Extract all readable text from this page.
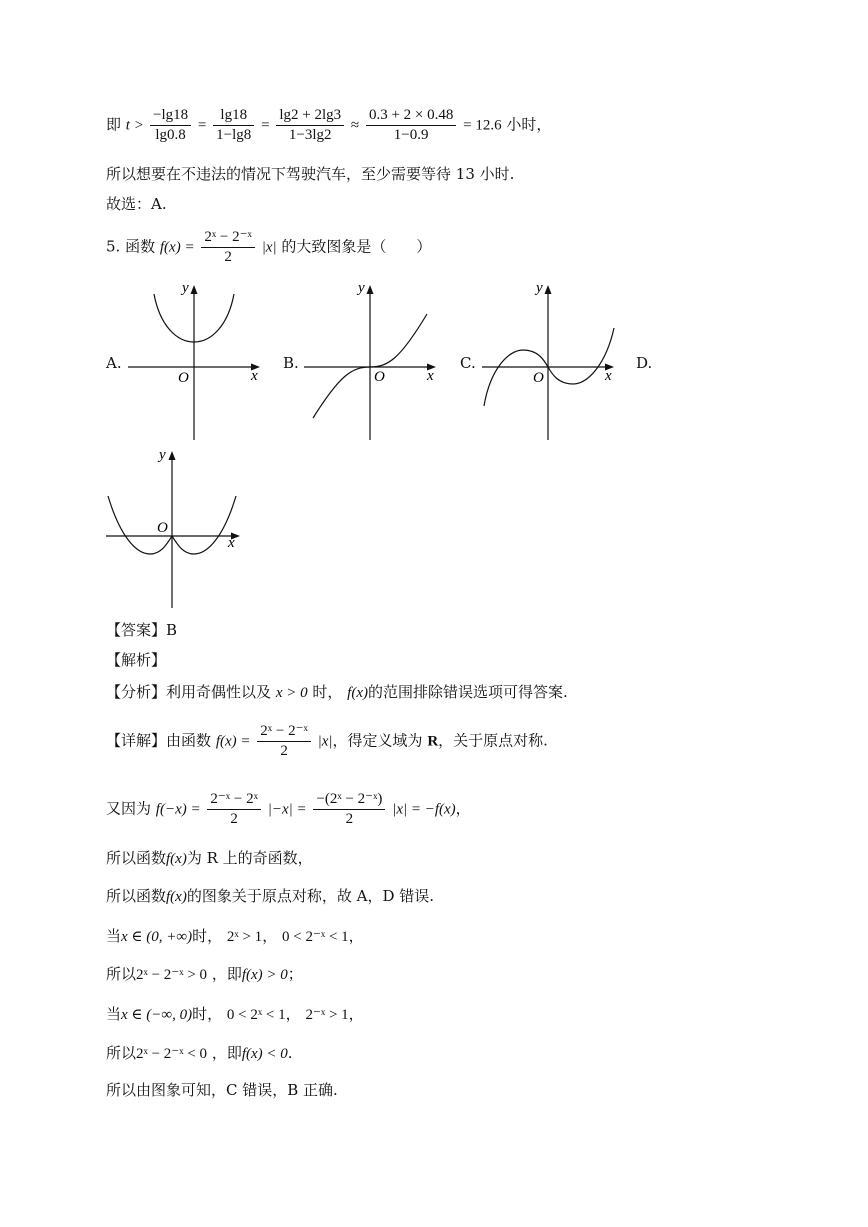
即 $t > \frac{-\lg 18}{\lg 0.8} = \frac{\lg 18}{1-\lg 8} = \frac{\lg 2 + 2\lg 3}{1-3\lg 2} \approx \frac{0.3 + 2 \times 0.48}{1-0.9} = 12.6$ 小时，
所以想要在不违法的情况下驾驶汽车，至少需要等待 13 小时.
故选：A.
5. 函数 $f(x) = \frac{\text{2ˣ − 2⁻ˣ}}{2} |x|$ 的大致图象是（　　）
A.	B.	C.	D.
y
x
O
y
x
O
y
x
O
y
x
O
【答案】B
【解析】
【分析】利用奇偶性以及 x > 0 时， f(x)的范围排除错误选项可得答案.
【详解】由函数 $f(x) = \frac{\text{2ˣ − 2⁻ˣ}}{2} |x|$，得定义域为 R，关于原点对称.
又因为 $f(-x) = \frac{\text{2⁻ˣ − 2ˣ}}{2} |-x| = \frac{\text{−(2ˣ − 2⁻ˣ)}}{2} |x| = -f(x)$，
所以函数f(x)为 R 上的奇函数，
所以函数f(x)的图象关于原点对称，故 A，D 错误.
当x ∈ (0, +∞)时， 2ˣ > 1， 0 < 2⁻ˣ < 1，
所以2ˣ − 2⁻ˣ > 0 ，即f(x) > 0；
当x ∈ (−∞, 0)时， 0 < 2ˣ < 1， 2⁻ˣ > 1，
所以2ˣ − 2⁻ˣ < 0 ，即f(x) < 0.
所以由图象可知，C 错误，B 正确.
